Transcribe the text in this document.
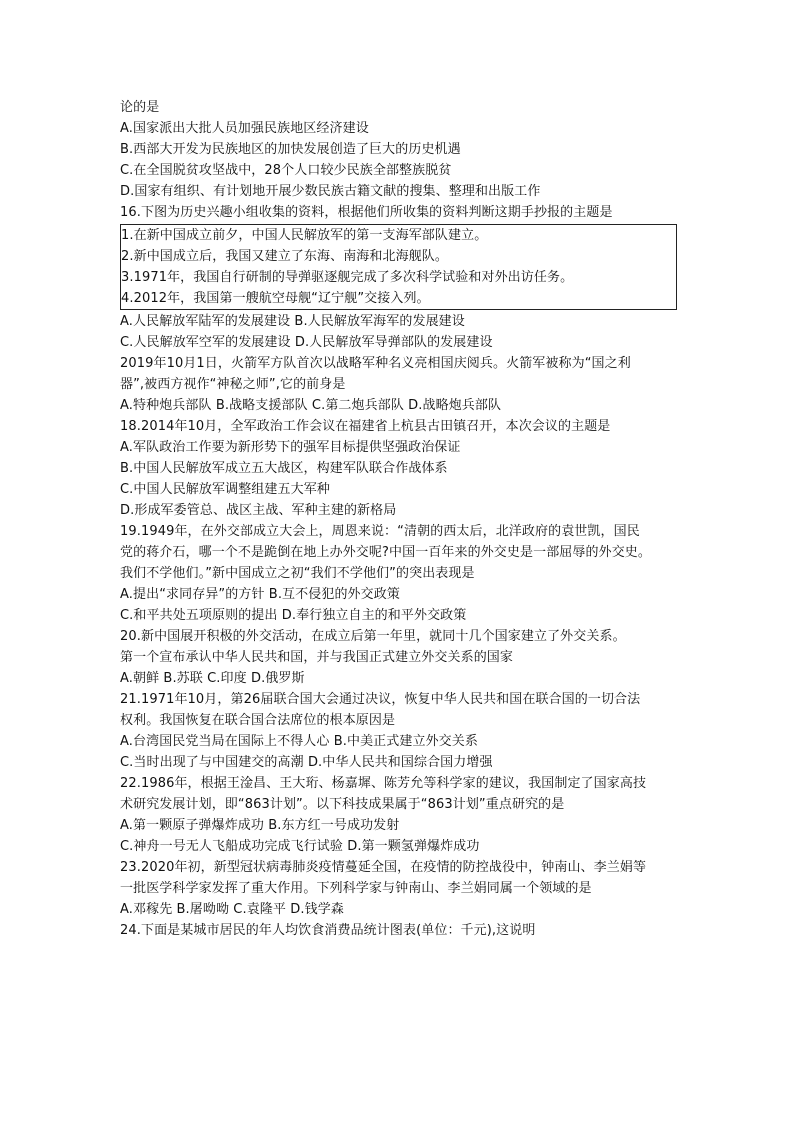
论的是
A.国家派出大批人员加强民族地区经济建设
B.西部大开发为民族地区的加快发展创造了巨大的历史机遇
C.在全国脱贫攻坚战中，28个人口较少民族全部整族脱贫
D.国家有组织、有计划地开展少数民族古籍文献的搜集、整理和出版工作
16.下图为历史兴趣小组收集的资料，根据他们所收集的资料判断这期手抄报的主题是
1.在新中国成立前夕，中国人民解放军的第一支海军部队建立。
2.新中国成立后，我国又建立了东海、南海和北海舰队。
3.1971年，我国自行研制的导弹驱逐舰完成了多次科学试验和对外出访任务。
4.2012年，我国第一艘航空母舰“辽宁舰”交接入列。
A.人民解放军陆军的发展建设 B.人民解放军海军的发展建设
C.人民解放军空军的发展建设 D.人民解放军导弹部队的发展建设
2019年10月1日，火箭军方队首次以战略军种名义亮相国庆阅兵。火箭军被称为“国之利
器”,被西方视作“神秘之师”,它的前身是
A.特种炮兵部队 B.战略支援部队 C.第二炮兵部队 D.战略炮兵部队
18.2014年10月，全军政治工作会议在福建省上杭县古田镇召开，本次会议的主题是
A.军队政治工作要为新形势下的强军目标提供坚强政治保证
B.中国人民解放军成立五大战区，构建军队联合作战体系
C.中国人民解放军调整组建五大军种
D.形成军委管总、战区主战、军种主建的新格局
19.1949年，在外交部成立大会上，周恩来说：“清朝的西太后，北洋政府的袁世凯，国民
党的蒋介石，哪一个不是跪倒在地上办外交呢?中国一百年来的外交史是一部屈辱的外交史。
我们不学他们。”新中国成立之初“我们不学他们”的突出表现是
A.提出“求同存异”的方针 B.互不侵犯的外交政策
C.和平共处五项原则的提出 D.奉行独立自主的和平外交政策
20.新中国展开积极的外交活动，在成立后第一年里，就同十几个国家建立了外交关系。
第一个宣布承认中华人民共和国，并与我国正式建立外交关系的国家
A.朝鲜 B.苏联 C.印度 D.俄罗斯
21.1971年10月，第26届联合国大会通过决议，恢复中华人民共和国在联合国的一切合法
权利。我国恢复在联合国合法席位的根本原因是
A.台湾国民党当局在国际上不得人心 B.中美正式建立外交关系
C.当时出现了与中国建交的高潮 D.中华人民共和国综合国力增强
22.1986年，根据王淦昌、王大珩、杨嘉墀、陈芳允等科学家的建议，我国制定了国家高技
术研究发展计划，即“863计划”。以下科技成果属于“863计划”重点研究的是
A.第一颗原子弹爆炸成功 B.东方红一号成功发射
C.神舟一号无人飞船成功完成飞行试验 D.第一颗氢弹爆炸成功
23.2020年初，新型冠状病毒肺炎疫情蔓延全国，在疫情的防控战役中，钟南山、李兰娟等
一批医学科学家发挥了重大作用。下列科学家与钟南山、李兰娟同属一个领域的是
A.邓稼先 B.屠呦呦 C.袁隆平 D.钱学森
24.下面是某城市居民的年人均饮食消费品统计图表(单位：千元),这说明
